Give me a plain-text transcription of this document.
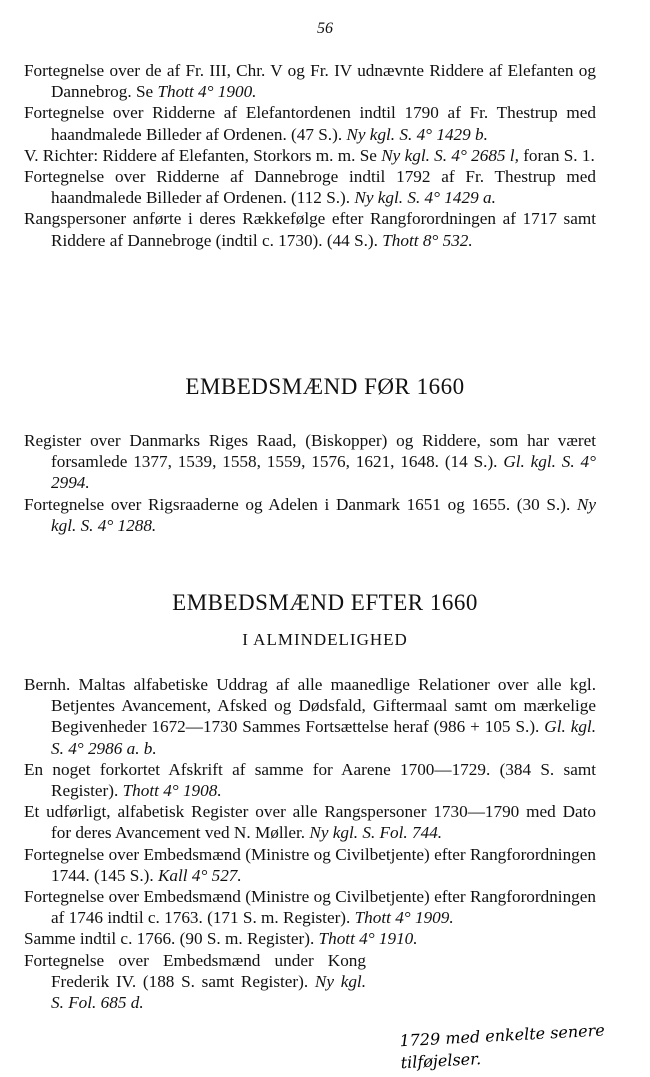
56

Fortegnelse over de af Fr. III, Chr. V og Fr. IV udnævnte Riddere af Elefanten og Dannebrog. Se Thott 4° 1900.

Fortegnelse over Ridderne af Elefantordenen indtil 1790 af Fr. Thestrup med haandmalede Billeder af Ordenen. (47 S.). Ny kgl. S. 4° 1429 b.

V. Richter: Riddere af Elefanten, Storkors m. m. Se Ny kgl. S. 4° 2685 l, foran S. 1.

Fortegnelse over Ridderne af Dannebroge indtil 1792 af Fr. Thestrup med haandmalede Billeder af Ordenen. (112 S.). Ny kgl. S. 4° 1429 a.

Rangspersoner anførte i deres Rækkefølge efter Rangforordningen af 1717 samt Riddere af Dannebroge (indtil c. 1730). (44 S.). Thott 8° 532.

EMBEDSMÆND FØR 1660

Register over Danmarks Riges Raad, (Biskopper) og Riddere, som har været forsamlede 1377, 1539, 1558, 1559, 1576, 1621, 1648. (14 S.). Gl. kgl. S. 4° 2994.

Fortegnelse over Rigsraaderne og Adelen i Danmark 1651 og 1655. (30 S.). Ny kgl. S. 4° 1288.

EMBEDSMÆND EFTER 1660
I ALMINDELIGHED

Bernh. Maltas alfabetiske Uddrag af alle maanedlige Relationer over alle kgl. Betjentes Avancement, Afsked og Dødsfald, Giftermaal samt om mærkelige Begivenheder 1672—1730 Sammes Fortsættelse heraf (986 + 105 S.). Gl. kgl. S. 4° 2986 a. b.

En noget forkortet Afskrift af samme for Aarene 1700—1729. (384 S. samt Register). Thott 4° 1908.

Et udførligt, alfabetisk Register over alle Rangspersoner 1730—1790 med Dato for deres Avancement ved N. Møller. Ny kgl. S. Fol. 744.

Fortegnelse over Embedsmænd (Ministre og Civilbetjente) efter Rangforordningen 1744. (145 S.). Kall 4° 527.

Fortegnelse over Embedsmænd (Ministre og Civilbetjente) efter Rangforordningen af 1746 indtil c. 1763. (171 S. m. Register). Thott 4° 1909.

Samme indtil c. 1766. (90 S. m. Register). Thott 4° 1910.

Fortegnelse over Embedsmænd under Kong Frederik IV. (188 S. samt Register). Ny kgl. S. Fol. 685 d.

1729 med enkelte senere tilføjelser.
